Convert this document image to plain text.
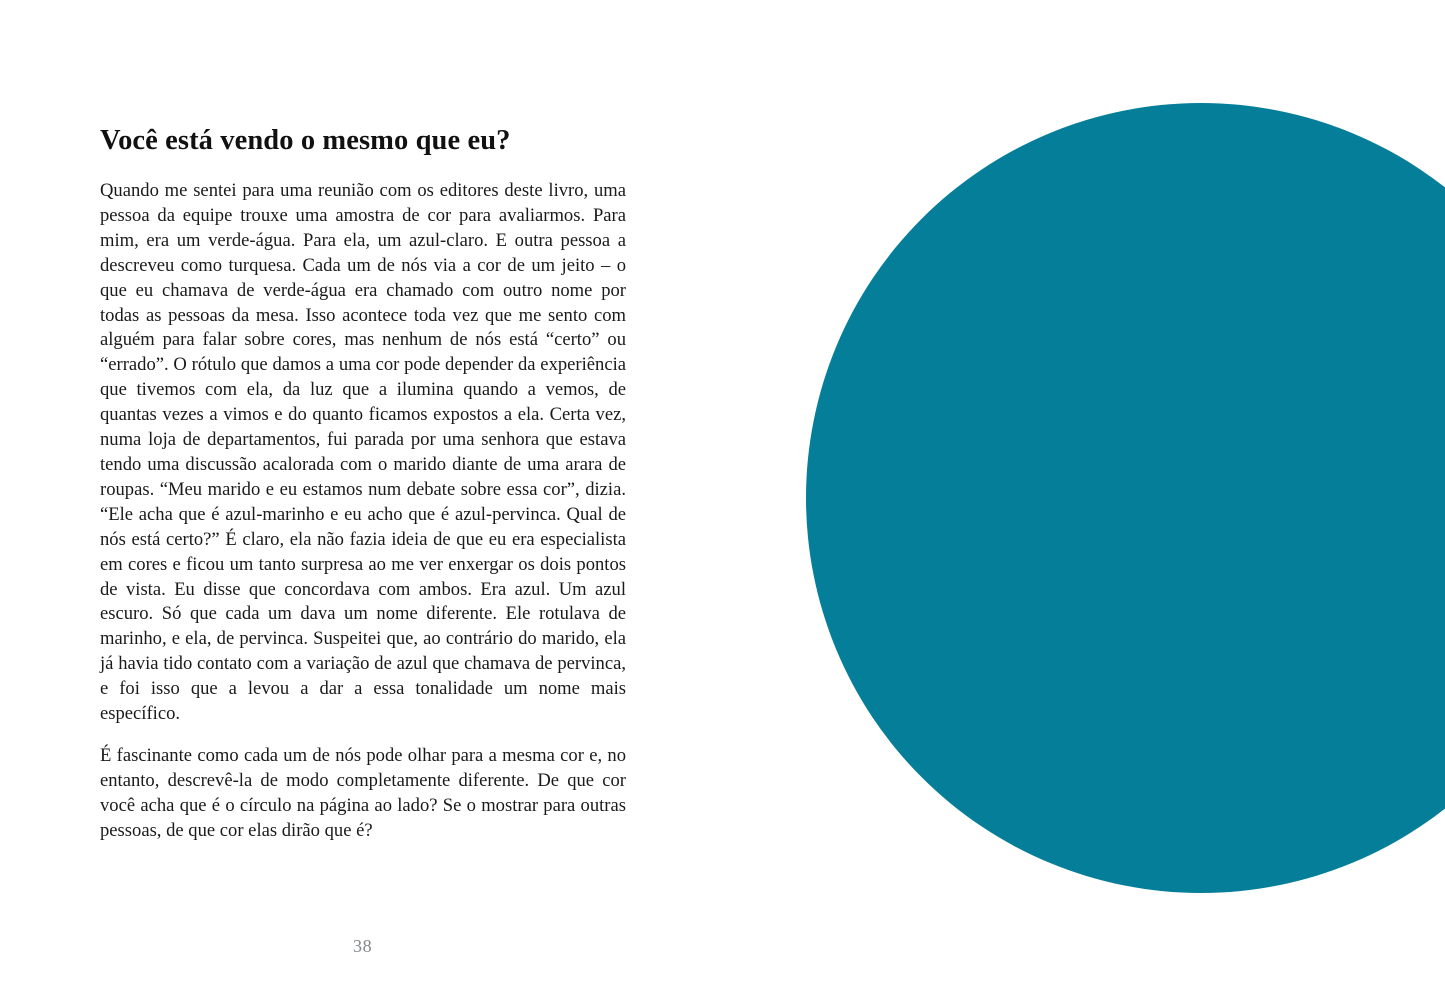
Você está vendo o mesmo que eu?

Quando me sentei para uma reunião com os editores deste livro, uma pessoa da equipe trouxe uma amostra de cor para avaliarmos. Para mim, era um verde-água. Para ela, um azul-claro. E outra pessoa a descreveu como turquesa. Cada um de nós via a cor de um jeito – o que eu chamava de verde-água era chamado com outro nome por todas as pessoas da mesa. Isso acontece toda vez que me sento com alguém para falar sobre cores, mas nenhum de nós está “certo” ou “errado”. O rótulo que damos a uma cor pode depender da experiência que tivemos com ela, da luz que a ilumina quando a vemos, de quantas vezes a vimos e do quanto ficamos expostos a ela. Certa vez, numa loja de departamentos, fui parada por uma senhora que estava tendo uma discussão acalorada com o marido diante de uma arara de roupas. “Meu marido e eu estamos num debate sobre essa cor”, dizia. “Ele acha que é azul-marinho e eu acho que é azul-pervinca. Qual de nós está certo?” É claro, ela não fazia ideia de que eu era especialista em cores e ficou um tanto surpresa ao me ver enxergar os dois pontos de vista. Eu disse que concordava com ambos. Era azul. Um azul escuro. Só que cada um dava um nome diferente. Ele rotulava de marinho, e ela, de pervinca. Suspeitei que, ao contrário do marido, ela já havia tido contato com a variação de azul que chamava de pervinca, e foi isso que a levou a dar a essa tonalidade um nome mais específico.

É fascinante como cada um de nós pode olhar para a mesma cor e, no entanto, descrevê-la de modo completamente diferente. De que cor você acha que é o círculo na página ao lado? Se o mostrar para outras pessoas, de que cor elas dirão que é?

38
